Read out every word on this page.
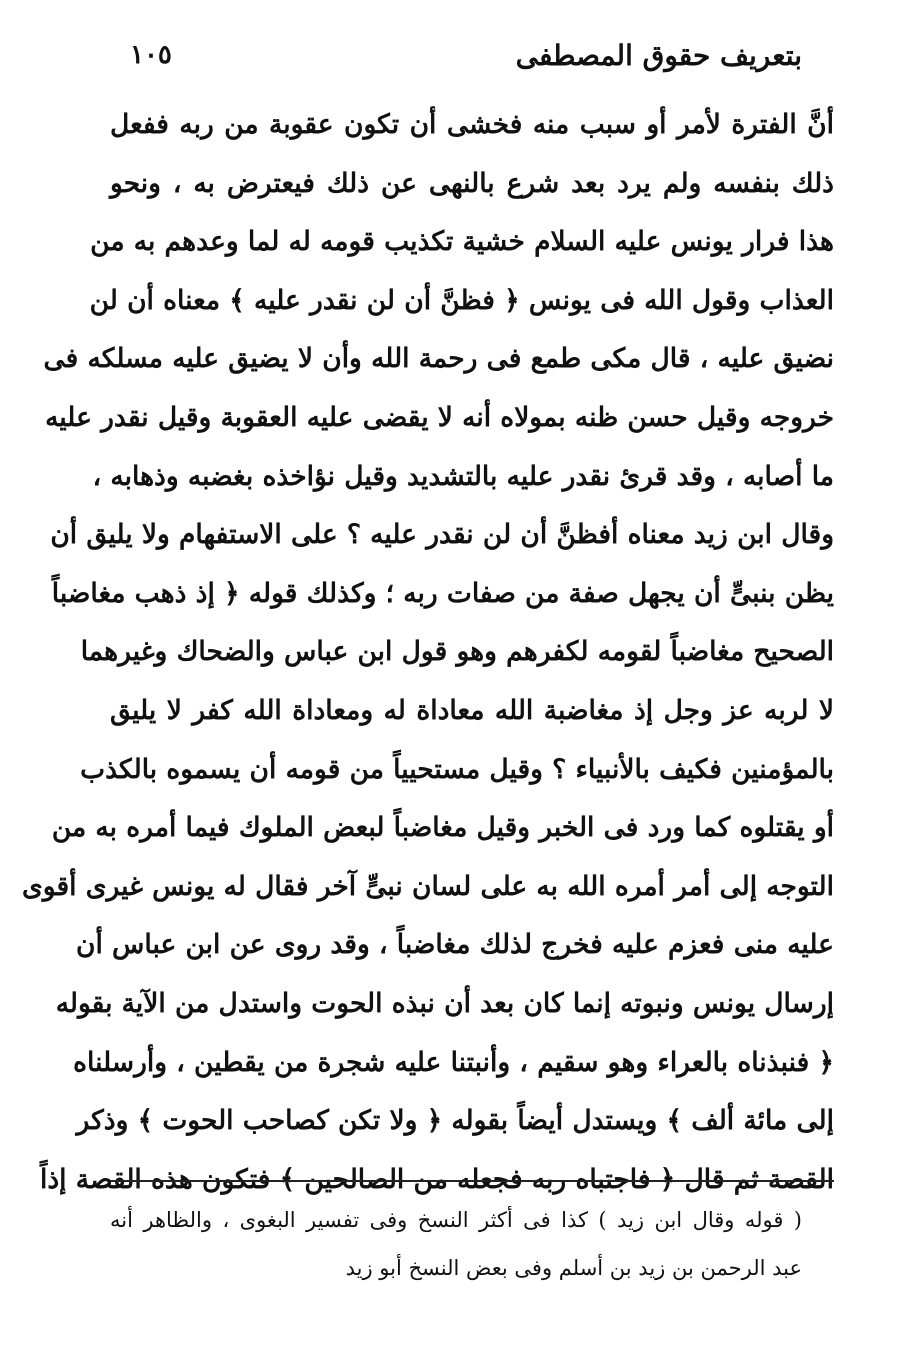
بتعريف حقوق المصطفى
١٠٥
أنَّ الفترة لأمر أو سبب منه فخشى أن تكون عقوبة من ربه ففعل
ذلك بنفسه ولم يرد بعد شرع بالنهى عن ذلك فيعترض به ، ونحو
هذا فرار يونس عليه السلام خشية تكذيب قومه له لما وعدهم به من
العذاب وقول الله فى يونس ﴿ فظنَّ أن لن نقدر عليه ﴾ معناه أن لن
نضيق عليه ، قال مكى طمع فى رحمة الله وأن لا يضيق عليه مسلكه فى
خروجه وقيل حسن ظنه بمولاه أنه لا يقضى عليه العقوبة وقيل نقدر عليه
ما أصابه ، وقد قرئ نقدر عليه بالتشديد وقيل نؤاخذه بغضبه وذهابه ،
وقال ابن زيد معناه أفظنَّ أن لن نقدر عليه ؟ على الاستفهام ولا يليق أن
يظن بنبىٍّ أن يجهل صفة من صفات ربه ؛ وكذلك قوله ﴿ إذ ذهب مغاضباً
الصحيح مغاضباً لقومه لكفرهم وهو قول ابن عباس والضحاك وغيرهما
لا لربه عز وجل إذ مغاضبة الله معاداة له ومعاداة الله كفر لا يليق
بالمؤمنين فكيف بالأنبياء ؟ وقيل مستحيياً من قومه أن يسموه بالكذب
أو يقتلوه كما ورد فى الخبر وقيل مغاضباً لبعض الملوك فيما أمره به من
التوجه إلى أمر أمره الله به على لسان نبىٍّ آخر فقال له يونس غيرى أقوى
عليه منى فعزم عليه فخرج لذلك مغاضباً ، وقد روى عن ابن عباس أن
إرسال يونس ونبوته إنما كان بعد أن نبذه الحوت واستدل من الآية بقوله
﴿ فنبذناه بالعراء وهو سقيم ، وأنبتنا عليه شجرة من يقطين ، وأرسلناه
إلى مائة ألف ﴾ ويستدل أيضاً بقوله ﴿ ولا تكن كصاحب الحوت ﴾ وذكر
القصة ثم قال ﴿ فاجتباه ربه فجعله من الصالحين ﴾ فتكون هذه القصة إذاً
( قوله وقال ابن زيد ) كذا فى أكثر النسخ وفى تفسير البغوى ، والظاهر أنه
عبد الرحمن بن زيد بن أسلم وفى بعض النسخ أبو زيد
